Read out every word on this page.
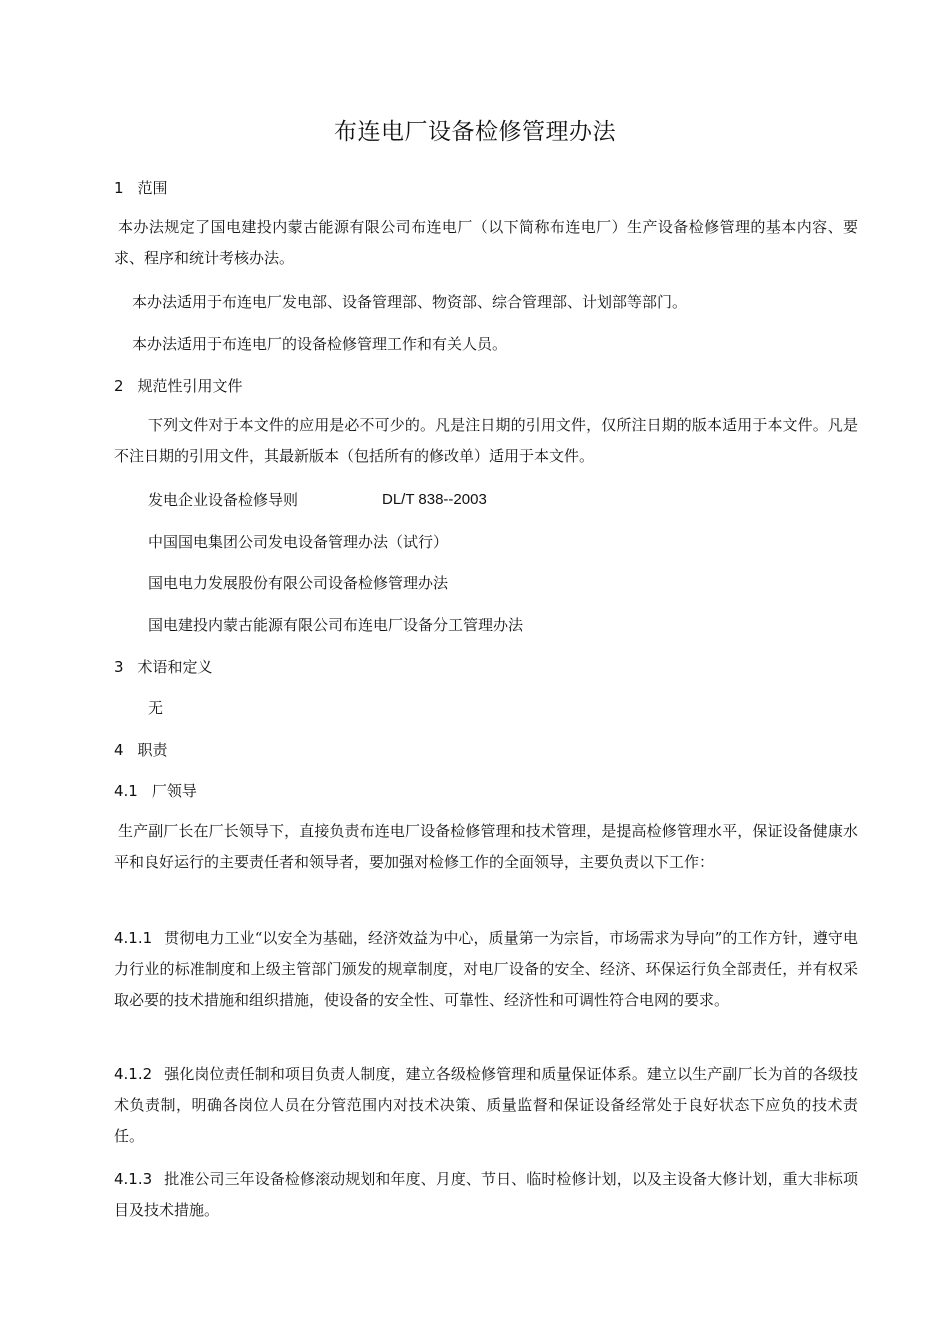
布连电厂设备检修管理办法
1 范围

本办法规定了国电建投内蒙古能源有限公司布连电厂（以下简称布连电厂）生产设备检修管理的基本内容、要求、程序和统计考核办法。

本办法适用于布连电厂发电部、设备管理部、物资部、综合管理部、计划部等部门。

本办法适用于布连电厂的设备检修管理工作和有关人员。

2 规范性引用文件

下列文件对于本文件的应用是必不可少的。凡是注日期的引用文件，仅所注日期的版本适用于本文件。凡是不注日期的引用文件，其最新版本（包括所有的修改单）适用于本文件。

发电企业设备检修导则	DL/T 838--2003
中国国电集团公司发电设备管理办法（试行）
国电电力发展股份有限公司设备检修管理办法
国电建投内蒙古能源有限公司布连电厂设备分工管理办法
3 术语和定义
无
4 职责
4.1 厂领导

生产副厂长在厂长领导下，直接负责布连电厂设备检修管理和技术管理，是提高检修管理水平，保证设备健康水平和良好运行的主要责任者和领导者，要加强对检修工作的全面领导，主要负责以下工作：

4.1.1 贯彻电力工业“以安全为基础，经济效益为中心，质量第一为宗旨，市场需求为导向”的工作方针，遵守电力行业的标准制度和上级主管部门颁发的规章制度，对电厂设备的安全、经济、环保运行负全部责任，并有权采取必要的技术措施和组织措施，使设备的安全性、可靠性、经济性和可调性符合电网的要求。

4.1.2 强化岗位责任制和项目负责人制度，建立各级检修管理和质量保证体系。建立以生产副厂长为首的各级技术负责制，明确各岗位人员在分管范围内对技术决策、质量监督和保证设备经常处于良好状态下应负的技术责任。

4.1.3 批准公司三年设备检修滚动规划和年度、月度、节日、临时检修计划，以及主设备大修计划，重大非标项目及技术措施。
